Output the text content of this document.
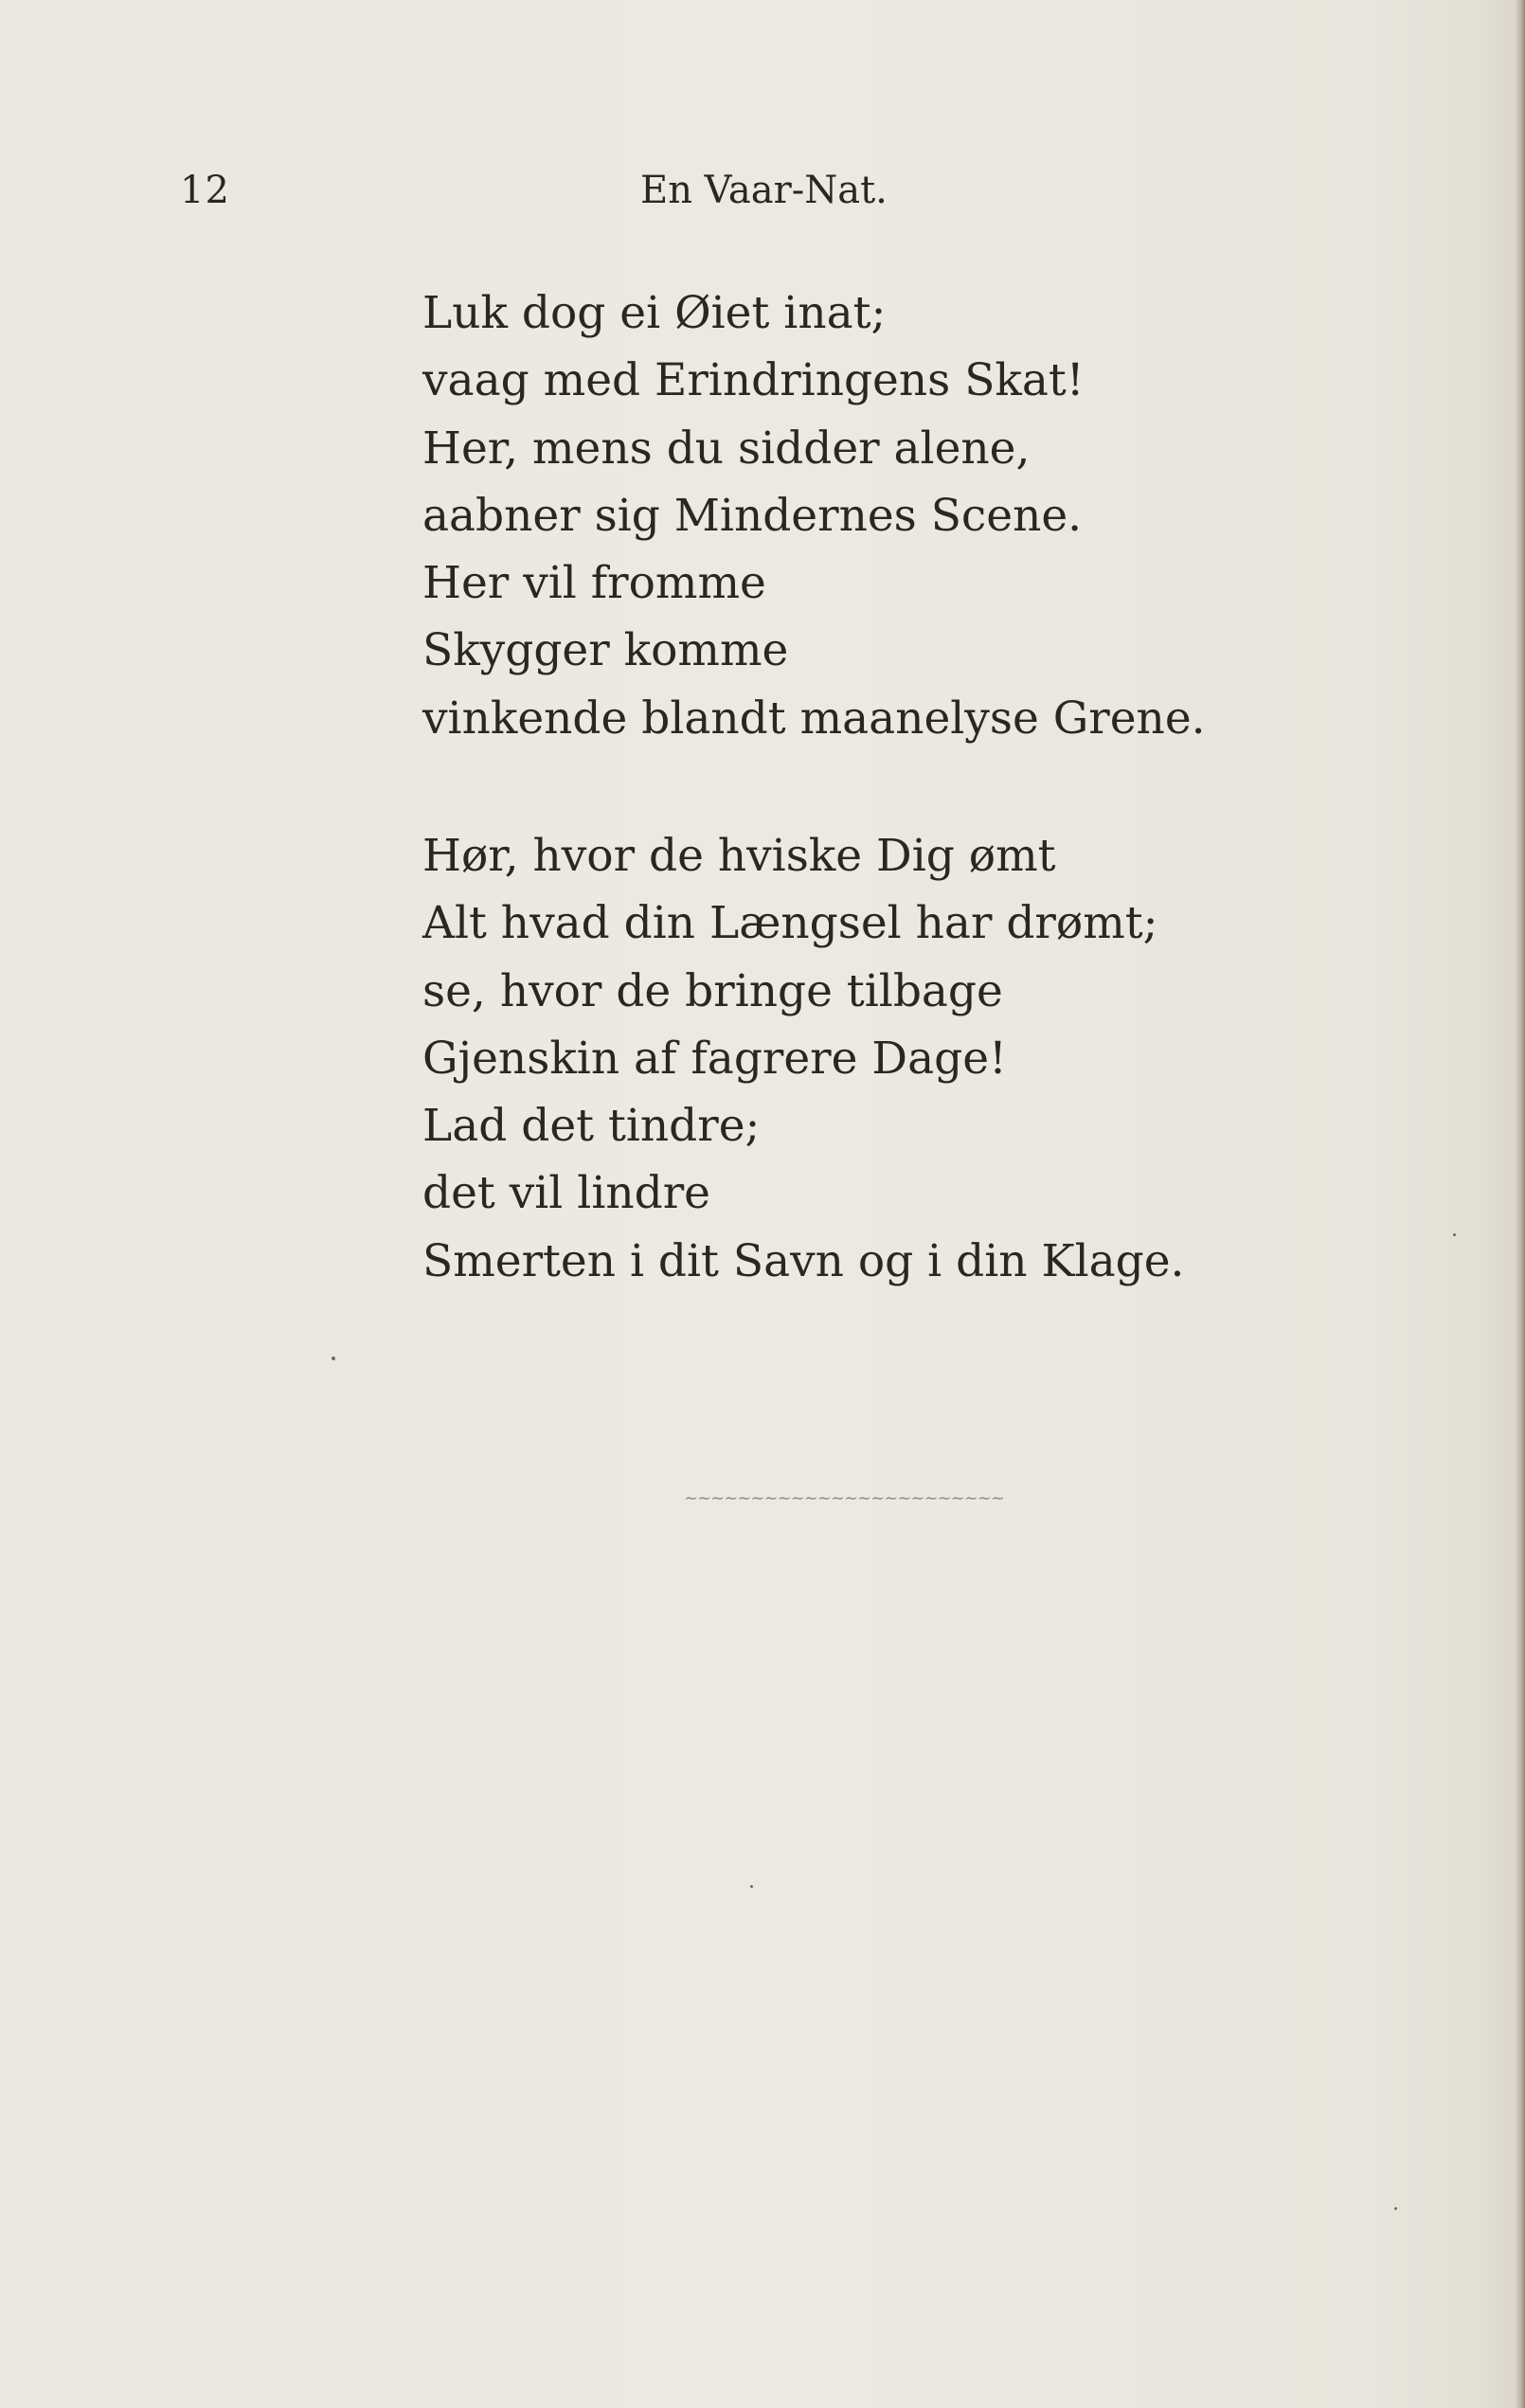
12	En Vaar-Nat.
Luk dog ei Øiet inat;
vaag med Erindringens Skat!
Her, mens du sidder alene,
aabner sig Mindernes Scene.
Her vil fromme
Skygger komme
vinkende blandt maanelyse Grene.
Hør, hvor de hviske Dig ømt
Alt hvad din Længsel har drømt;
se, hvor de bringe tilbage
Gjenskin af fagrere Dage!
Lad det tindre;
det vil lindre
Smerten i dit Savn og i din Klage.
~~~~~~~~~~~~~~~~~~~~~~~~
